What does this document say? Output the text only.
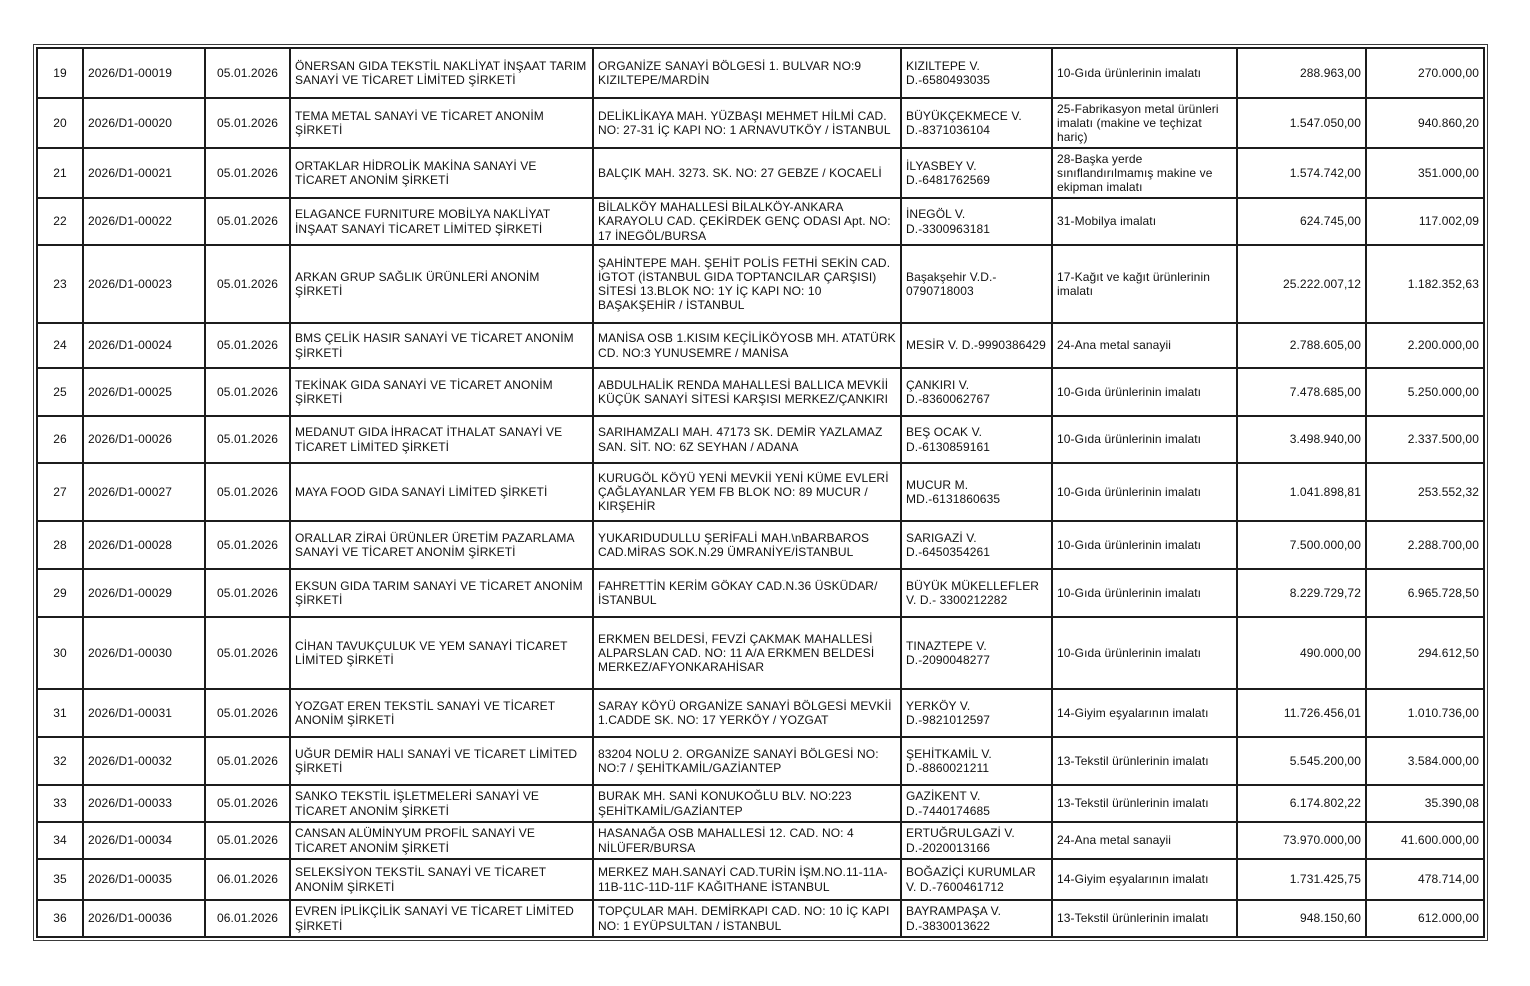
19	2026/D1-00019	05.01.2026	ÖNERSAN GIDA TEKSTİL NAKLİYAT İNŞAAT TARIM SANAYİ VE TİCARET LİMİTED ŞİRKETİ	ORGANİZE SANAYİ BÖLGESİ 1. BULVAR NO:9 KIZILTEPE/MARDİN	KIZILTEPE V. D.-6580493035	10-Gıda ürünlerinin imalatı	288.963,00	270.000,00
20	2026/D1-00020	05.01.2026	TEMA METAL SANAYİ VE TİCARET ANONİM ŞİRKETİ	DELİKLİKAYA MAH. YÜZBAŞI MEHMET HİLMİ CAD. NO: 27-31 İÇ KAPI NO: 1 ARNAVUTKÖY / İSTANBUL	BÜYÜKÇEKMECE V. D.-8371036104	25-Fabrikasyon metal ürünleri imalatı (makine ve teçhizat hariç)	1.547.050,00	940.860,20
21	2026/D1-00021	05.01.2026	ORTAKLAR HİDROLİK MAKİNA SANAYİ VE TİCARET ANONİM ŞİRKETİ	BALÇIK MAH. 3273. SK. NO: 27 GEBZE / KOCAELİ	İLYASBEY V. D.-6481762569	28-Başka yerde sınıflandırılmamış makine ve ekipman imalatı	1.574.742,00	351.000,00
22	2026/D1-00022	05.01.2026	ELAGANCE FURNITURE MOBİLYA NAKLİYAT İNŞAAT SANAYİ TİCARET LİMİTED ŞİRKETİ	BİLALKÖY MAHALLESİ BİLALKÖY-ANKARA KARAYOLU CAD. ÇEKİRDEK GENÇ ODASI Apt. NO: 17 İNEGÖL/BURSA	İNEGÖL V. D.-3300963181	31-Mobilya imalatı	624.745,00	117.002,09
23	2026/D1-00023	05.01.2026	ARKAN GRUP SAĞLIK ÜRÜNLERİ ANONİM ŞİRKETİ	ŞAHİNTEPE MAH. ŞEHİT POLİS FETHİ SEKİN CAD. İGTOT (İSTANBUL GIDA TOPTANCILAR ÇARŞISI) SİTESİ 13.BLOK NO: 1Y İÇ KAPI NO: 10 BAŞAKŞEHİR / İSTANBUL	Başakşehir V.D.- 0790718003	17-Kağıt ve kağıt ürünlerinin imalatı	25.222.007,12	1.182.352,63
24	2026/D1-00024	05.01.2026	BMS ÇELİK HASIR SANAYİ VE TİCARET ANONİM ŞİRKETİ	MANİSA OSB 1.KISIM KEÇİLİKÖYOSB MH. ATATÜRK CD. NO:3 YUNUSEMRE / MANİSA	MESİR V. D.-9990386429	24-Ana metal sanayii	2.788.605,00	2.200.000,00
25	2026/D1-00025	05.01.2026	TEKİNAK GIDA SANAYİ VE TİCARET ANONİM ŞİRKETİ	ABDULHALİK RENDA MAHALLESİ BALLICA MEVKİİ KÜÇÜK SANAYİ SİTESİ KARŞISI MERKEZ/ÇANKIRI	ÇANKIRI V. D.-8360062767	10-Gıda ürünlerinin imalatı	7.478.685,00	5.250.000,00
26	2026/D1-00026	05.01.2026	MEDANUT GIDA İHRACAT İTHALAT SANAYİ VE TİCARET LİMİTED ŞİRKETİ	SARIHAMZALI MAH. 47173 SK. DEMİR YAZLAMAZ SAN. SİT. NO: 6Z SEYHAN / ADANA	BEŞ OCAK V. D.-6130859161	10-Gıda ürünlerinin imalatı	3.498.940,00	2.337.500,00
27	2026/D1-00027	05.01.2026	MAYA FOOD GIDA SANAYİ LİMİTED ŞİRKETİ	KURUGÖL KÖYÜ YENİ MEVKİİ YENİ KÜME EVLERİ ÇAĞLAYANLAR YEM FB BLOK NO: 89 MUCUR / KIRŞEHİR	MUCUR M. MD.-6131860635	10-Gıda ürünlerinin imalatı	1.041.898,81	253.552,32
28	2026/D1-00028	05.01.2026	ORALLAR ZİRAİ ÜRÜNLER ÜRETİM PAZARLAMA SANAYİ VE TİCARET ANONİM ŞİRKETİ	YUKARIDUDULLU ŞERİFALİ MAH.\nBARBAROS CAD.MİRAS SOK.N.29 ÜMRANİYE/İSTANBUL	SARIGAZİ V. D.-6450354261	10-Gıda ürünlerinin imalatı	7.500.000,00	2.288.700,00
29	2026/D1-00029	05.01.2026	EKSUN GIDA TARIM SANAYİ VE TİCARET ANONİM ŞİRKETİ	FAHRETTİN KERİM GÖKAY CAD.N.36 ÜSKÜDAR/İSTANBUL	BÜYÜK MÜKELLEFLER V. D.- 3300212282	10-Gıda ürünlerinin imalatı	8.229.729,72	6.965.728,50
30	2026/D1-00030	05.01.2026	CİHAN TAVUKÇULUK VE YEM SANAYİ TİCARET LİMİTED ŞİRKETİ	ERKMEN BELDESİ, FEVZİ ÇAKMAK MAHALLESİ ALPARSLAN CAD. NO: 11 A/A ERKMEN BELDESİ MERKEZ/AFYONKARAHİSAR	TINAZTEPE V. D.-2090048277	10-Gıda ürünlerinin imalatı	490.000,00	294.612,50
31	2026/D1-00031	05.01.2026	YOZGAT EREN TEKSTİL SANAYİ VE TİCARET ANONİM ŞİRKETİ	SARAY KÖYÜ ORGANİZE SANAYİ BÖLGESİ MEVKİİ 1.CADDE SK. NO: 17 YERKÖY / YOZGAT	YERKÖY V. D.-9821012597	14-Giyim eşyalarının imalatı	11.726.456,01	1.010.736,00
32	2026/D1-00032	05.01.2026	UĞUR DEMİR HALI SANAYİ VE TİCARET LİMİTED ŞİRKETİ	83204 NOLU 2. ORGANİZE SANAYİ BÖLGESİ NO: NO:7 / ŞEHİTKAMİL/GAZİANTEP	ŞEHİTKAMİL V. D.-8860021211	13-Tekstil ürünlerinin imalatı	5.545.200,00	3.584.000,00
33	2026/D1-00033	05.01.2026	SANKO TEKSTİL İŞLETMELERİ SANAYİ VE TİCARET ANONİM ŞİRKETİ	BURAK MH. SANİ KONUKOĞLU BLV. NO:223 ŞEHİTKAMİL/GAZİANTEP	GAZİKENT V. D.-7440174685	13-Tekstil ürünlerinin imalatı	6.174.802,22	35.390,08
34	2026/D1-00034	05.01.2026	CANSAN ALÜMİNYUM PROFİL SANAYİ VE TİCARET ANONİM ŞİRKETİ	HASANAĞA OSB MAHALLESİ 12. CAD. NO: 4 NİLÜFER/BURSA	ERTUĞRULGAZİ V. D.-2020013166	24-Ana metal sanayii	73.970.000,00	41.600.000,00
35	2026/D1-00035	06.01.2026	SELEKSİYON TEKSTİL SANAYİ VE TİCARET ANONİM ŞİRKETİ	MERKEZ MAH.SANAYİ CAD.TURİN İŞM.NO.11-11A-11B-11C-11D-11F KAĞITHANE İSTANBUL	BOĞAZİÇİ KURUMLAR V. D.-7600461712	14-Giyim eşyalarının imalatı	1.731.425,75	478.714,00
36	2026/D1-00036	06.01.2026	EVREN İPLİKÇİLİK SANAYİ VE TİCARET LİMİTED ŞİRKETİ	TOPÇULAR MAH. DEMİRKAPI CAD. NO: 10 İÇ KAPI NO: 1 EYÜPSULTAN / İSTANBUL	BAYRAMPAŞA V. D.-3830013622	13-Tekstil ürünlerinin imalatı	948.150,60	612.000,00
